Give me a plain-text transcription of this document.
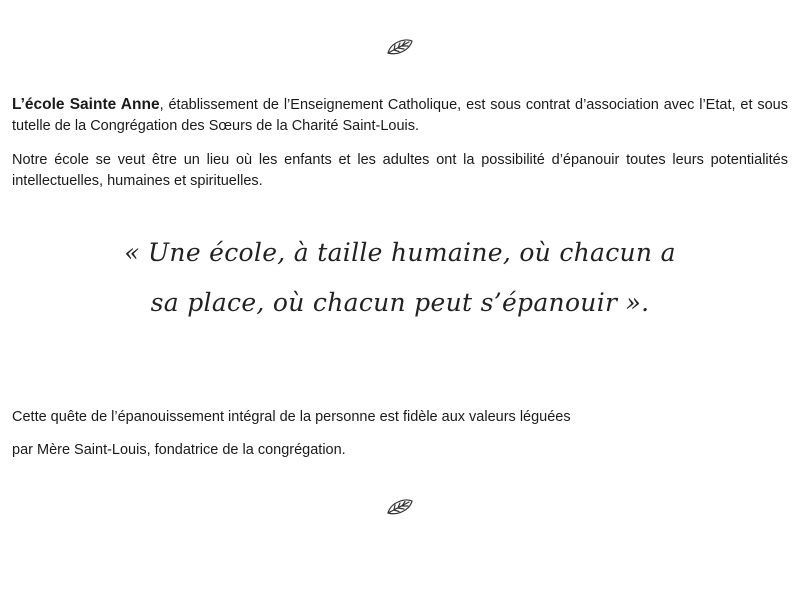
L’école Sainte Anne, établissement de l’Enseignement Catholique, est sous contrat d’association avec l’Etat, et sous tutelle de la Congrégation des Sœurs de la Charité Saint-Louis.

Notre école se veut être un lieu où les enfants et les adultes ont la possibilité d’épanouir toutes leurs potentialités intellectuelles, humaines et spirituelles.

« Une école, à taille humaine, où chacun a

sa place, où chacun peut s’épanouir ».

Cette quête de l’épanouissement intégral de la personne est fidèle aux valeurs léguées

par Mère Saint-Louis, fondatrice de la congrégation.
